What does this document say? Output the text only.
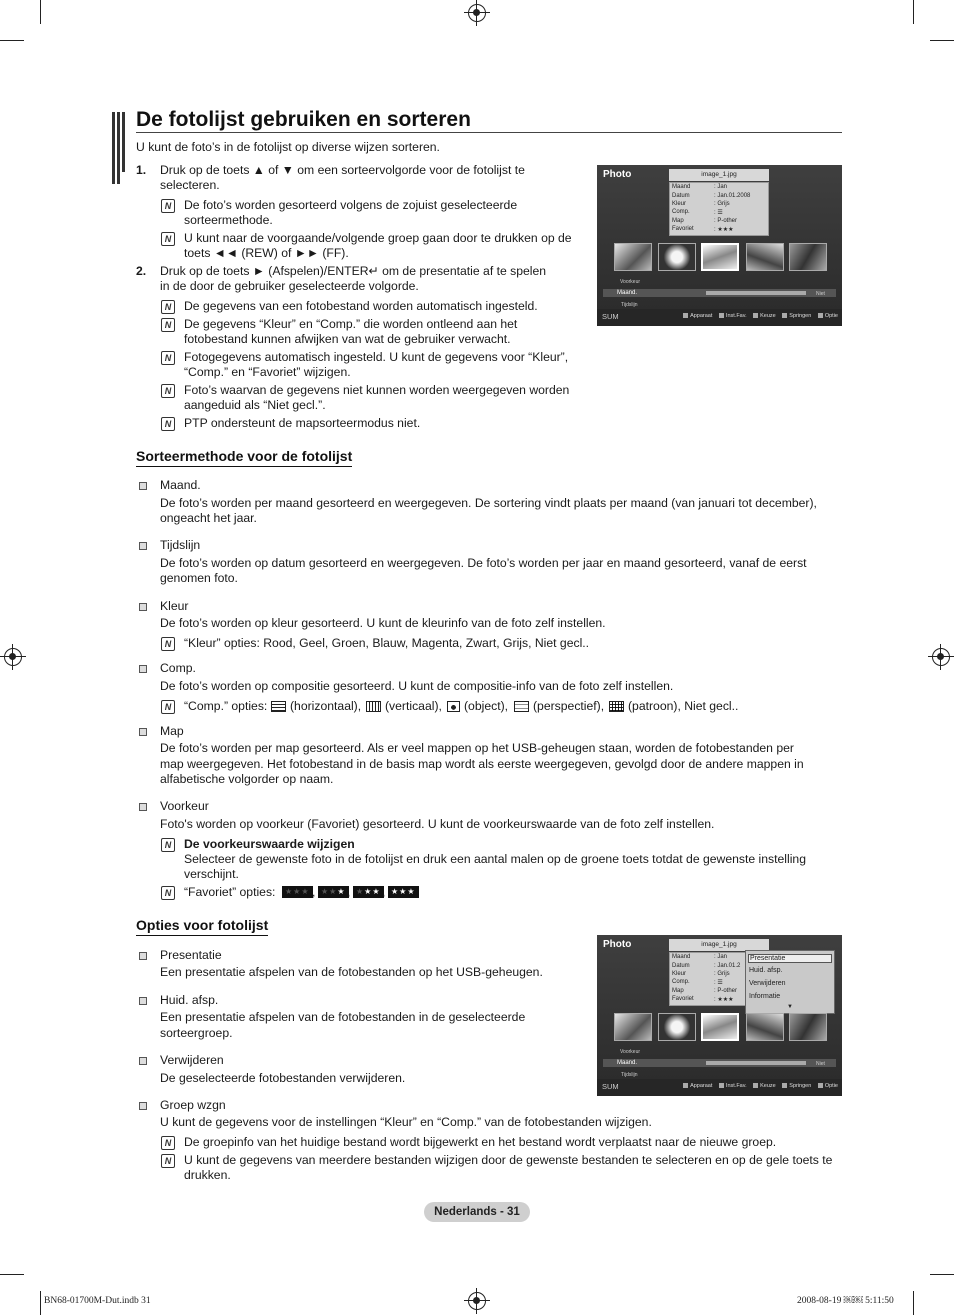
De fotolijst gebruiken en sorteren
U kunt de foto’s in de fotolijst op diverse wijzen sorteren.
1. Druk op de toets ▲ of ▼ om een sorteervolgorde voor de fotolijst te
selecteren.
N	De foto’s worden gesorteerd volgens de zojuist geselecteerde
sorteermethode.
N	U kunt naar de voorgaande/volgende groep gaan door te drukken op de
toets ◄◄ (REW) of ►► (FF).
2. Druk op de toets ► (Afspelen)/ENTER↵ om de presentatie af te spelen
in de door de gebruiker geselecteerde volgorde.
N	De gegevens van een fotobestand worden automatisch ingesteld.
N	De gegevens “Kleur” en “Comp.” die worden ontleend aan het
fotobestand kunnen afwijken van wat de gebruiker verwacht.
N	Fotogegevens automatisch ingesteld. U kunt de gegevens voor “Kleur”,
“Comp.” en “Favoriet” wijzigen.
N	Foto’s waarvan de gegevens niet kunnen worden weergegeven worden
aangeduid als “Niet gecl.”.
N	PTP ondersteunt de mapsorteermodus niet.
Photo	image_1.jpg
Maand	: Jan
Datum	: Jan.01.2008
Kleur	: Grijs
Comp.	: ☰
Map	: P-other
Favoriet	: ★★★
Voorkeur
Maand.	Niet
Tijdslijn
SUM	Apparaat Inst.Fav. Keuze Springen Optie
Sorteermethode voor de fotolijst
Maand.
De foto’s worden per maand gesorteerd en weergegeven. De sortering vindt plaats per maand (van januari tot december),
ongeacht het jaar.
Tijdslijn
De foto’s worden op datum gesorteerd en weergegeven. De foto’s worden per jaar en maand gesorteerd, vanaf de eerst
genomen foto.
Kleur
De foto’s worden op kleur gesorteerd. U kunt de kleurinfo van de foto zelf instellen.
N	“Kleur” opties: Rood, Geel, Groen, Blauw, Magenta, Zwart, Grijs, Niet gecl..
Comp.
De foto’s worden op compositie gesorteerd. U kunt de compositie-info van de foto zelf instellen.
N	“Comp.” opties: (horizontaal), (verticaal), (object), (perspectief), (patroon), Niet gecl..
Map
De foto’s worden per map gesorteerd. Als er veel mappen op het USB-geheugen staan, worden de fotobestanden per
map weergegeven. Het fotobestand in de basis map wordt als eerste weergegeven, gevolgd door de andere mappen in
alfabetische volgorder op naam.
Voorkeur
Foto's worden op voorkeur (Favoriet) gesorteerd. U kunt de voorkeurswaarde van de foto zelf instellen.
N	De voorkeurswaarde wijzigen
Selecteer de gewenste foto in de fotolijst en druk een aantal malen op de groene toets totdat de gewenste instelling
verschijnt.
N	“Favoriet” opties:	★★★ , ★★★ , ★★★ , ★★★
Opties voor fotolijst
Presentatie
Een presentatie afspelen van de fotobestanden op het USB-geheugen.
Huid. afsp.
Een presentatie afspelen van de fotobestanden in de geselecteerde
sorteergroep.
Verwijderen
De geselecteerde fotobestanden verwijderen.
Groep wzgn
U kunt de gegevens voor de instellingen “Kleur” en “Comp.” van de fotobestanden wijzigen.
N	De groepinfo van het huidige bestand wordt bijgewerkt en het bestand wordt verplaatst naar de nieuwe groep.
N	U kunt de gegevens van meerdere bestanden wijzigen door de gewenste bestanden te selecteren en op de gele toets te
drukken.
Photo	image_1.jpg
Maand	: Jan
Datum	: Jan.01.2
Kleur	: Grijs
Comp.	: ☰
Map	: P-other
Favoriet	: ★★★
Presentatie
Huid. afsp.
Verwijderen
Informatie
▼
Voorkeur
Maand.	Niet
Tijdslijn
SUM	Apparaat Inst.Fav. Keuze Springen Optie
Nederlands - 31
BN68-01700M-Dut.indb 31	2008-08-19 ￼￼ 5:11:50
